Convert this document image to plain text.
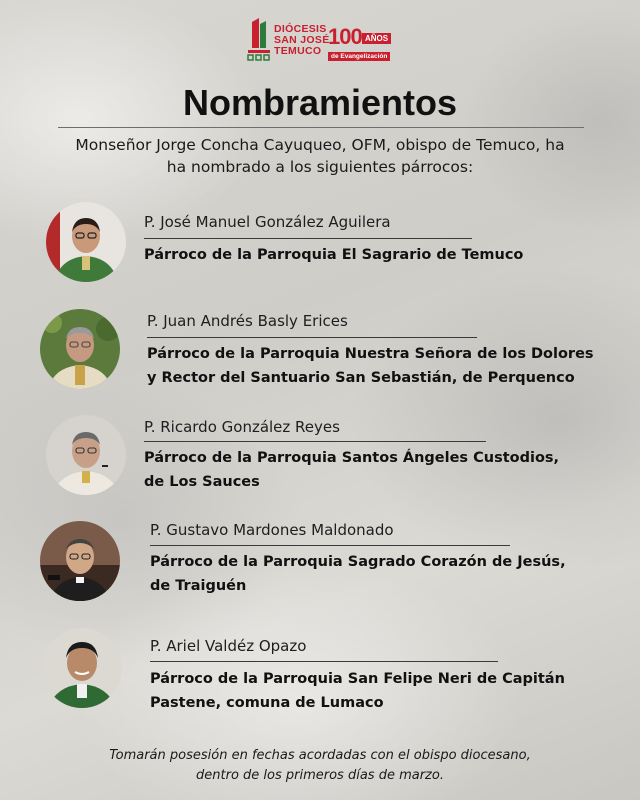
DIÓCESIS
SAN JOSÉ
TEMUCO
100 AÑOS
de Evangelización
Nombramientos
Monseñor Jorge Concha Cayuqueo, OFM, obispo de Temuco, ha
ha nombrado a los siguientes párrocos:
P. José Manuel González Aguilera
Párroco de la Parroquia El Sagrario de Temuco
P. Juan Andrés Basly Erices
Párroco de la Parroquia Nuestra Señora de los Dolores
y Rector del Santuario San Sebastián, de Perquenco
P. Ricardo González Reyes
Párroco de la Parroquia Santos Ángeles Custodios,
de Los Sauces
P. Gustavo Mardones Maldonado
Párroco de la Parroquia Sagrado Corazón de Jesús,
de Traiguén
P. Ariel Valdéz Opazo
Párroco de la Parroquia San Felipe Neri de Capitán
Pastene, comuna de Lumaco
Tomarán posesión en fechas acordadas con el obispo diocesano,
dentro de los primeros días de marzo.
